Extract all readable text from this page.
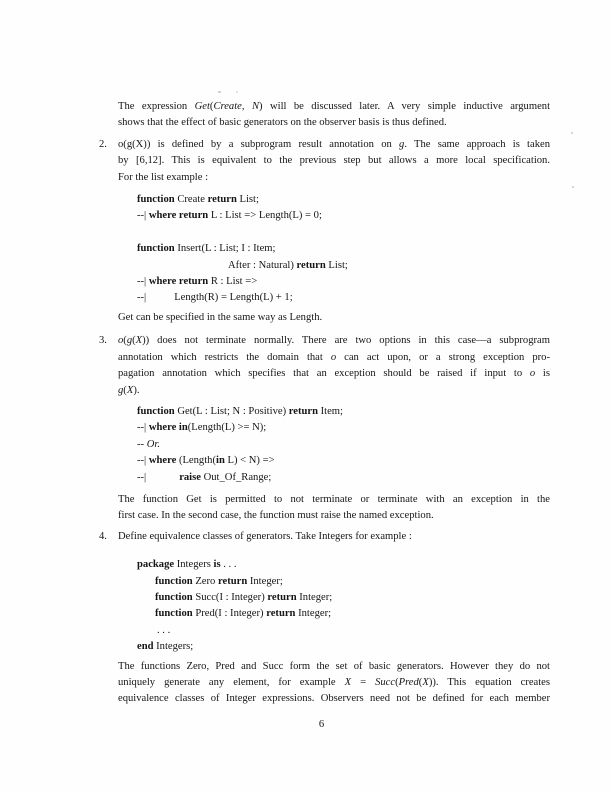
The expression Get(Create, N) will be discussed later. A very simple inductive argument
shows that the effect of basic generators on the observer basis is thus defined.
2. o(g(X)) is defined by a subprogram result annotation on g. The same approach is taken
by [6,12]. This is equivalent to the previous step but allows a more local specification.
For the list example :
function Create return List;
--| where return L : List => Length(L) = 0;

function Insert(L : List; I : Item;
After : Natural) return List;
--| where return R : List =>
--|	Length(R) = Length(L) + 1;
Get can be specified in the same way as Length.
3. o(g(X)) does not terminate normally. There are two options in this case—a subprogram
annotation which restricts the domain that o can act upon, or a strong exception pro-
pagation annotation which specifies that an exception should be raised if input to o is
g(X).
function Get(L : List; N : Positive) return Item;
--| where in(Length(L) >= N);
-- Or.
--| where (Length(in L) < N) =>
--|	raise Out_Of_Range;
The function Get is permitted to not terminate or terminate with an exception in the
first case. In the second case, the function must raise the named exception.
4. Define equivalence classes of generators. Take Integers for example :
package Integers is . . .
function Zero return Integer;
function Succ(I : Integer) return Integer;
function Pred(I : Integer) return Integer;
. . .
end Integers;
The functions Zero, Pred and Succ form the set of basic generators. However they do not
uniquely generate any element, for example X = Succ(Pred(X)). This equation creates
equivalence classes of Integer expressions. Observers need not be defined for each member
6
